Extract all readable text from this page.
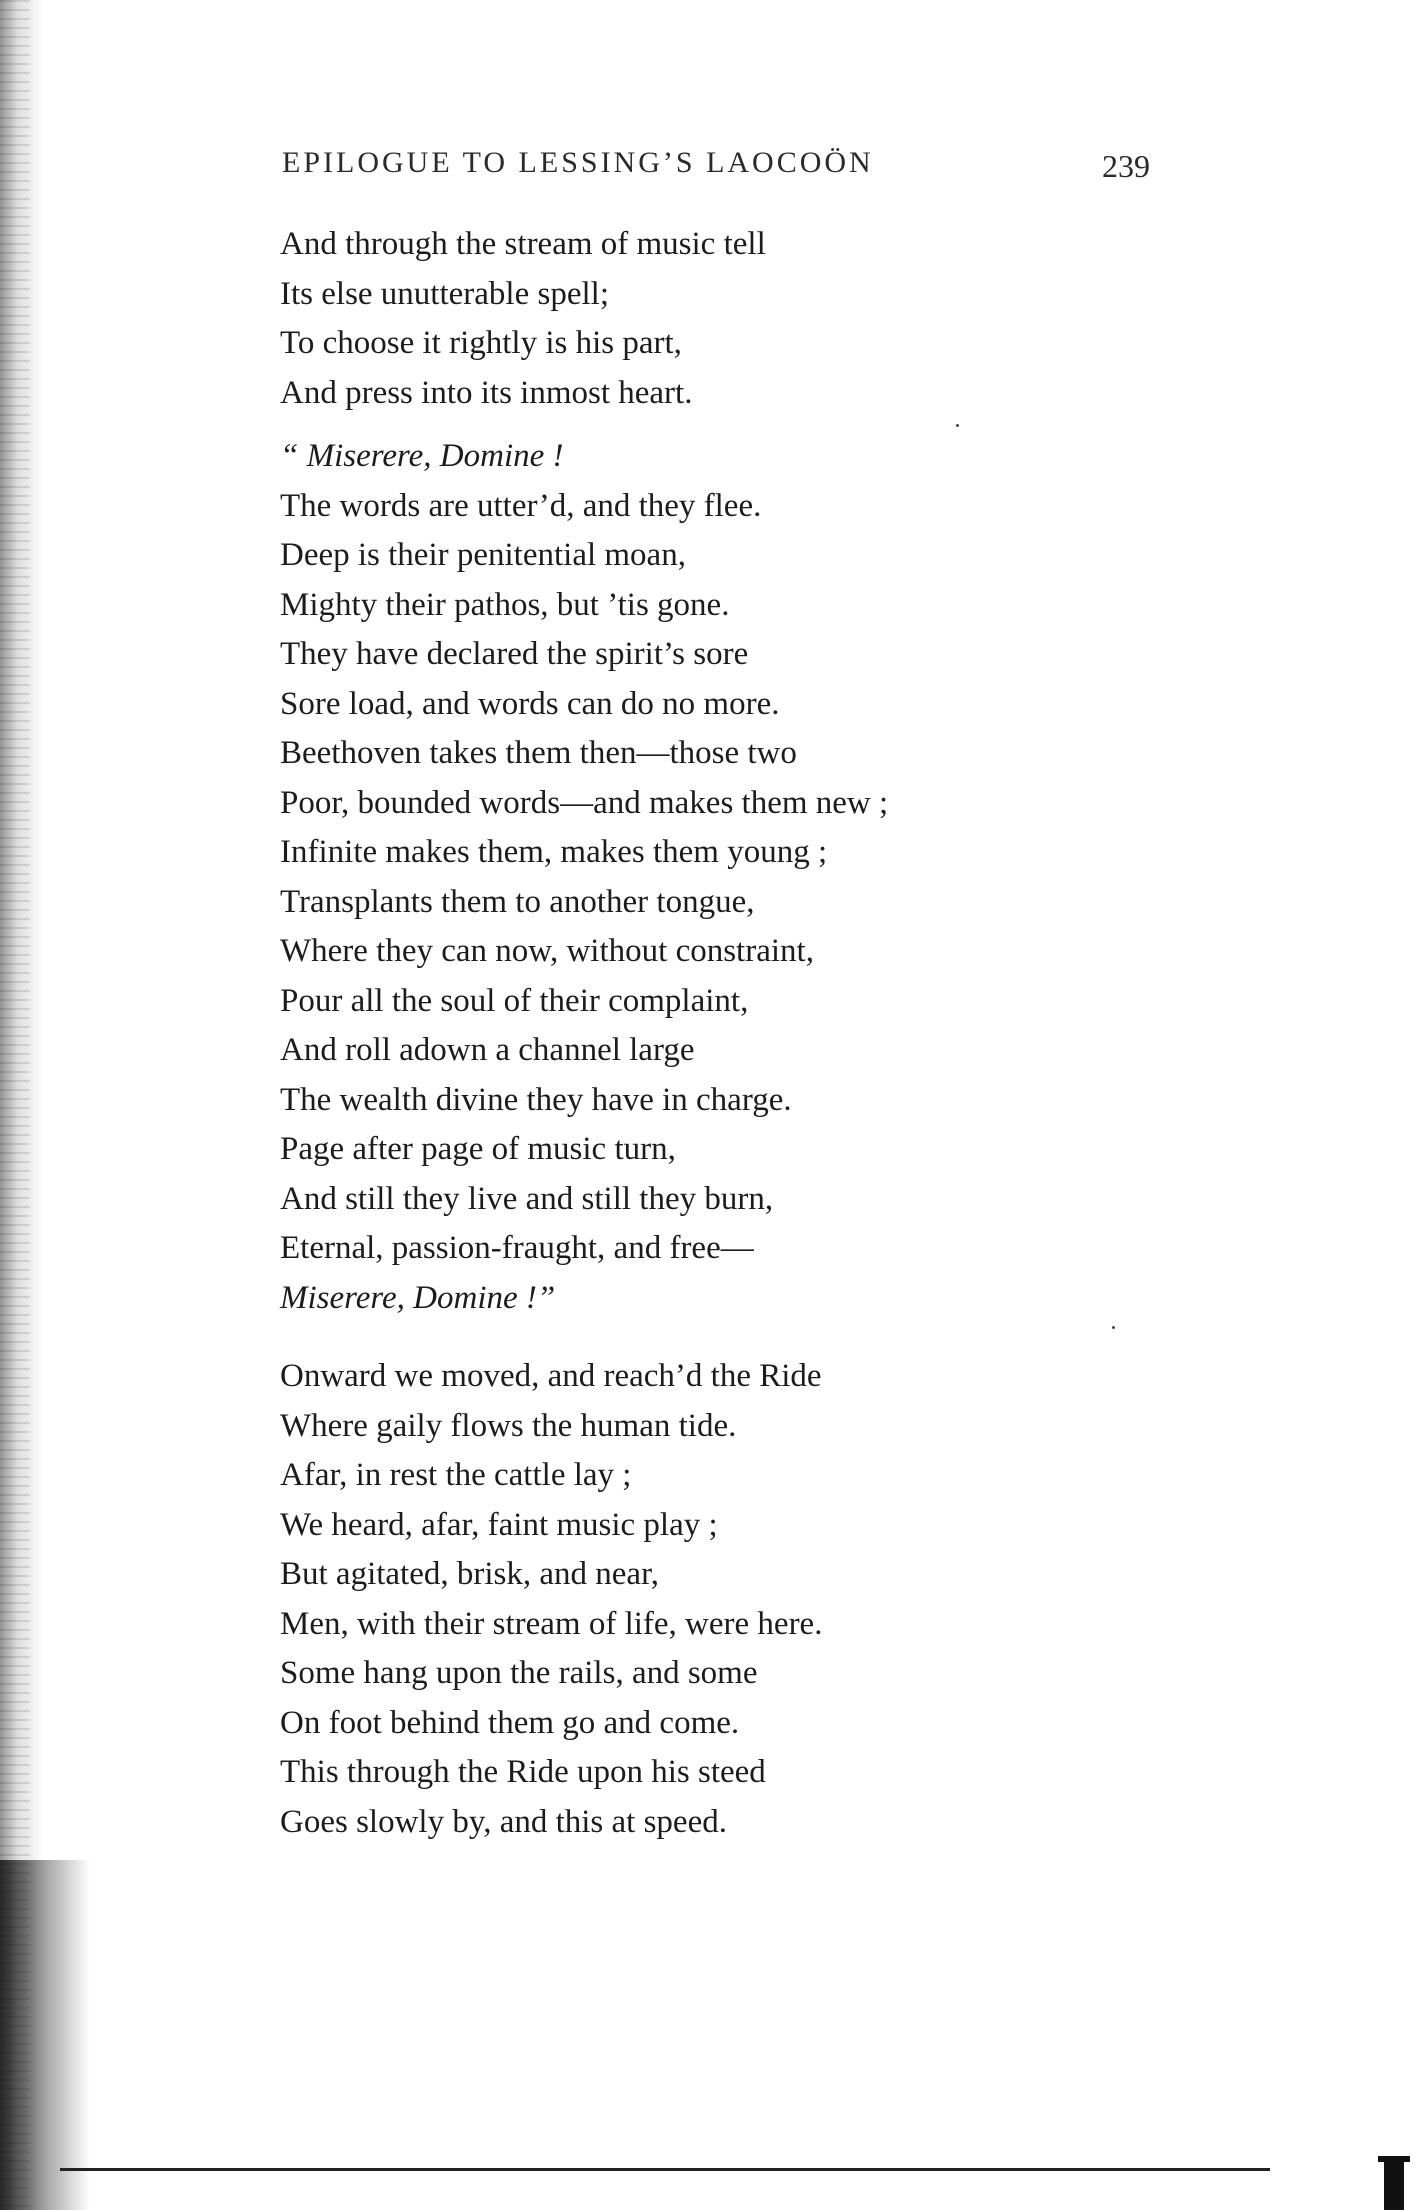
EPILOGUE TO LESSING’S LAOCOÖN	239
And through the stream of music tell
Its else unutterable spell;
To choose it rightly is his part,
And press into its inmost heart.
“ Miserere, Domine !
The words are utter’d, and they flee.
Deep is their penitential moan,
Mighty their pathos, but ’tis gone.
They have declared the spirit’s sore
Sore load, and words can do no more.
Beethoven takes them then—those two
Poor, bounded words—and makes them new ;
Infinite makes them, makes them young ;
Transplants them to another tongue,
Where they can now, without constraint,
Pour all the soul of their complaint,
And roll adown a channel large
The wealth divine they have in charge.
Page after page of music turn,
And still they live and still they burn,
Eternal, passion-fraught, and free—
Miserere, Domine !”
Onward we moved, and reach’d the Ride
Where gaily flows the human tide.
Afar, in rest the cattle lay ;
We heard, afar, faint music play ;
But agitated, brisk, and near,
Men, with their stream of life, were here.
Some hang upon the rails, and some
On foot behind them go and come.
This through the Ride upon his steed
Goes slowly by, and this at speed.
